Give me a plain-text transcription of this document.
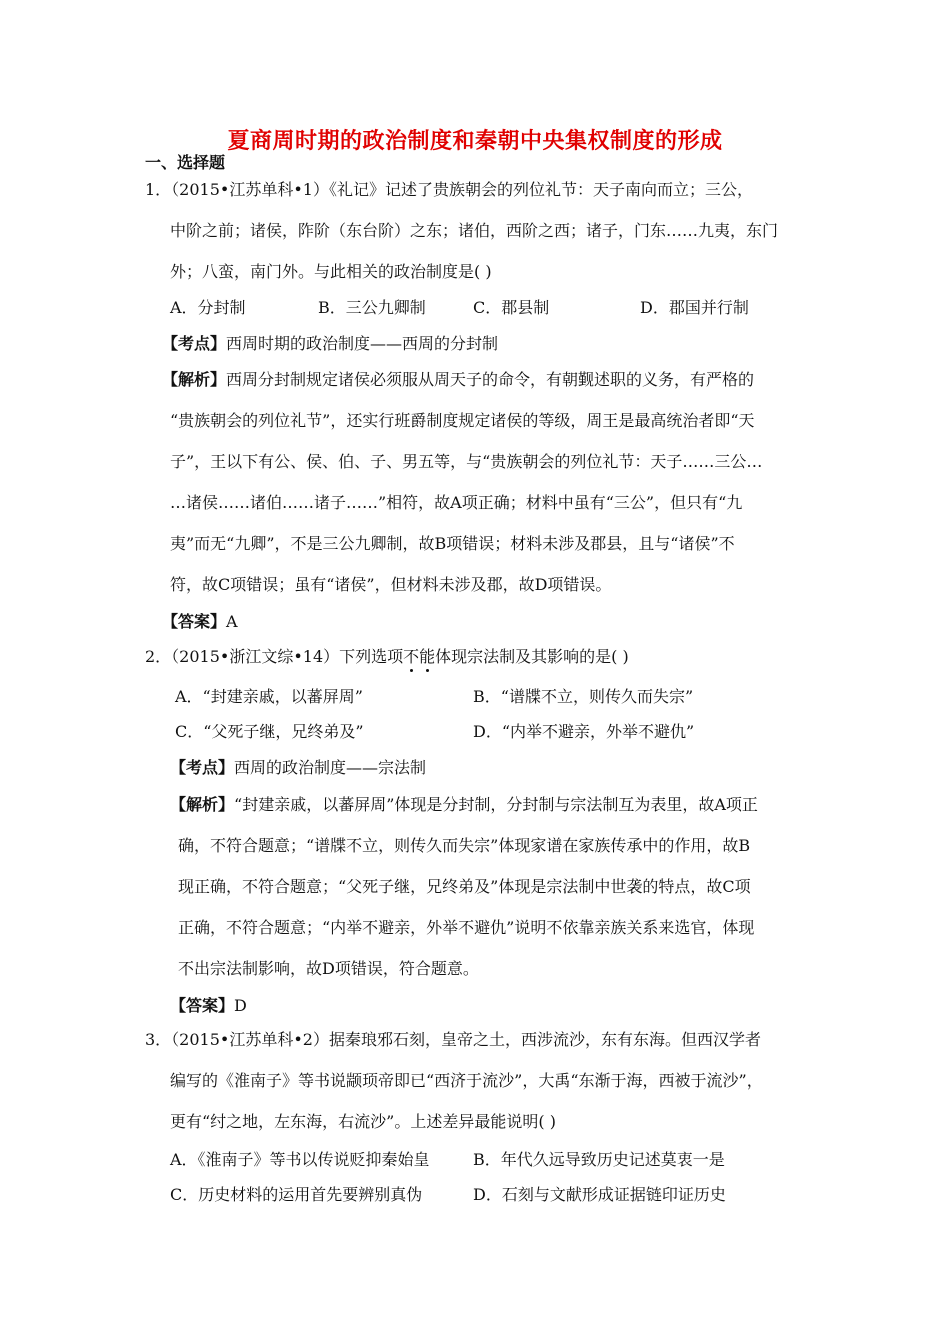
夏商周时期的政治制度和秦朝中央集权制度的形成
一、选择题
1．（2015•江苏单科•1）《礼记》记述了贵族朝会的列位礼节：天子南向而立；三公，
中阶之前；诸侯，阼阶（东台阶）之东；诸伯，西阶之西；诸子，门东……九夷，东门
外；八蛮，南门外。与此相关的政治制度是( )
A．分封制	B．三公九卿制	C．郡县制	D．郡国并行制
【考点】西周时期的政治制度——西周的分封制
【解析】西周分封制规定诸侯必须服从周天子的命令，有朝觐述职的义务，有严格的
“贵族朝会的列位礼节”，还实行班爵制度规定诸侯的等级，周王是最高统治者即“天
子”，王以下有公、侯、伯、子、男五等，与“贵族朝会的列位礼节：天子……三公…
…诸侯……诸伯……诸子……”相符，故A项正确；材料中虽有“三公”，但只有“九
夷”而无“九卿”，不是三公九卿制，故B项错误；材料未涉及郡县，且与“诸侯”不
符，故C项错误；虽有“诸侯”，但材料未涉及郡，故D项错误。
【答案】A
2．（2015•浙江文综•14）下列选项不能体现宗法制及其影响的是( )
A．“封建亲戚，以蕃屏周”	B．“谱牒不立，则传久而失宗”
C．“父死子继，兄终弟及”	D．“内举不避亲，外举不避仇”
【考点】西周的政治制度——宗法制
【解析】“封建亲戚，以蕃屏周”体现是分封制，分封制与宗法制互为表里，故A项正
确，不符合题意；“谱牒不立，则传久而失宗”体现家谱在家族传承中的作用，故B
现正确，不符合题意；“父死子继，兄终弟及”体现是宗法制中世袭的特点，故C项
正确，不符合题意；“内举不避亲，外举不避仇”说明不依靠亲族关系来选官，体现
不出宗法制影响，故D项错误，符合题意。
【答案】D
3．（2015•江苏单科•2）据秦琅邪石刻，皇帝之土，西涉流沙，东有东海。但西汉学者
编写的《淮南子》等书说颛顼帝即已“西济于流沙”，大禹“东渐于海，西被于流沙”，
更有“纣之地，左东海，右流沙”。上述差异最能说明( )
A．《淮南子》等书以传说贬抑秦始皇	B．年代久远导致历史记述莫衷一是
C．历史材料的运用首先要辨别真伪	D．石刻与文献形成证据链印证历史
